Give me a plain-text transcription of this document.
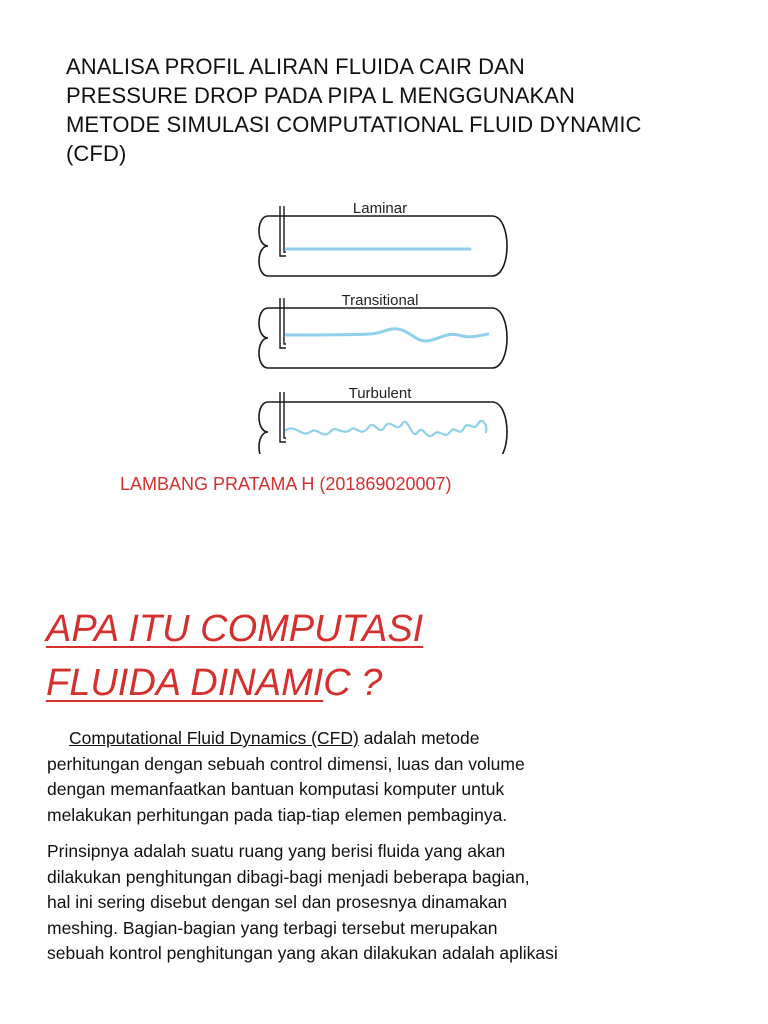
ANALISA PROFIL ALIRAN FLUIDA CAIR DAN
PRESSURE DROP PADA PIPA L MENGGUNAKAN
METODE SIMULASI COMPUTATIONAL FLUID DYNAMIC
(CFD)
Laminar
Transitional
Turbulent

LAMBANG PRATAMA H (201869020007)

APA ITU COMPUTASI
FLUIDA DINAMIC ?

Computational Fluid Dynamics (CFD) adalah metode
perhitungan dengan sebuah control dimensi, luas dan volume
dengan memanfaatkan bantuan komputasi komputer untuk
melakukan perhitungan pada tiap-tiap elemen pembaginya.

Prinsipnya adalah suatu ruang yang berisi fluida yang akan
dilakukan penghitungan dibagi-bagi menjadi beberapa bagian,
hal ini sering disebut dengan sel dan prosesnya dinamakan
meshing. Bagian-bagian yang terbagi tersebut merupakan
sebuah kontrol penghitungan yang akan dilakukan adalah aplikasi
